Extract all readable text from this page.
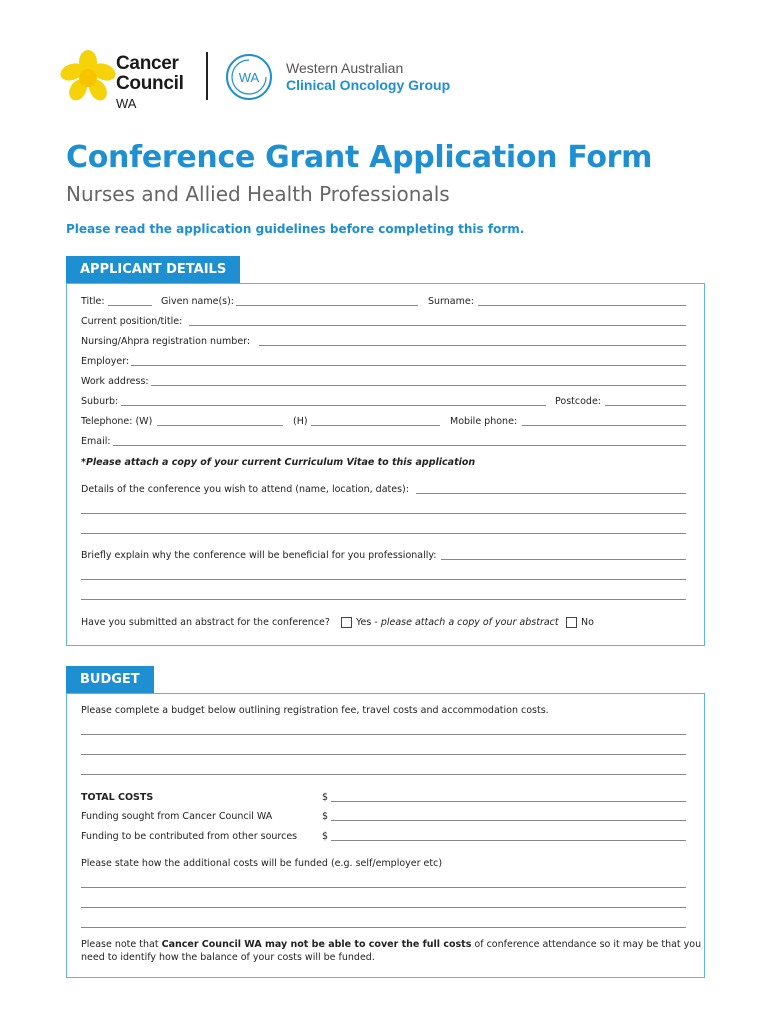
Cancer
Council
WA
WA
Western Australian
Clinical Oncology Group
Conference Grant Application Form
Nurses and Allied Health Professionals
Please read the application guidelines before completing this form.
APPLICANT DETAILS
Title:	Given name(s):	Surname:
Current position/title:
Nursing/Ahpra registration number:
Employer:
Work address:
Suburb:	Postcode:
Telephone: (W)	(H)	Mobile phone:
Email:
*Please attach a copy of your current Curriculum Vitae to this application
Details of the conference you wish to attend (name, location, dates):
Briefly explain why the conference will be beneficial for you professionally:
Have you submitted an abstract for the conference?	Yes - please attach a copy of your abstract No
BUDGET
Please complete a budget below outlining registration fee, travel costs and accommodation costs.
TOTAL COSTS	$
Funding sought from Cancer Council WA	$
Funding to be contributed from other sources	$
Please state how the additional costs will be funded (e.g. self/employer etc)
Please note that Cancer Council WA may not be able to cover the full costs of conference attendance so it may be that you
need to identify how the balance of your costs will be funded.
